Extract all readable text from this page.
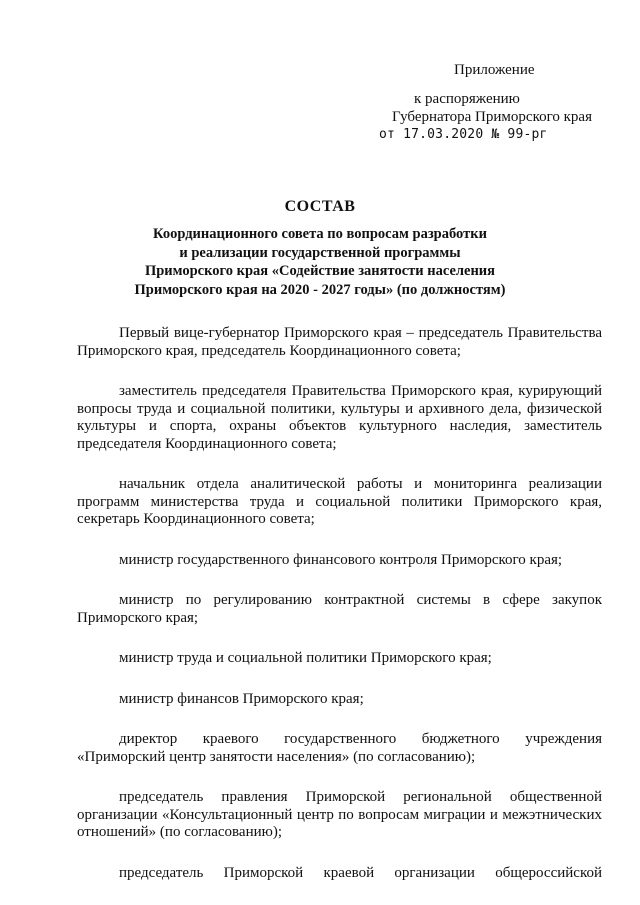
Приложение
к распоряжению
Губернатора Приморского края
от 17.03.2020 № 99-рг
СОСТАВ
Координационного совета по вопросам разработки
и реализации государственной программы
Приморского края «Содействие занятости населения
Приморского края на 2020 - 2027 годы» (по должностям)

Первый вице-губернатор Приморского края – председатель Правительства Приморского края, председатель Координационного совета;

заместитель председателя Правительства Приморского края, курирующий вопросы труда и социальной политики, культуры и архивного дела, физической культуры и спорта, охраны объектов культурного наследия, заместитель председателя Координационного совета;

начальник отдела аналитической работы и мониторинга реализации программ министерства труда и социальной политики Приморского края, секретарь Координационного совета;

министр государственного финансового контроля Приморского края;

министр по регулированию контрактной системы в сфере закупок Приморского края;

министр труда и социальной политики Приморского края;

министр финансов Приморского края;

директор краевого государственного бюджетного учреждения «Приморский центр занятости населения» (по согласованию);

председатель правления Приморской региональной общественной организации «Консультационный центр по вопросам миграции и межэтнических отношений» (по согласованию);

председатель Приморской краевой организации общероссийской
